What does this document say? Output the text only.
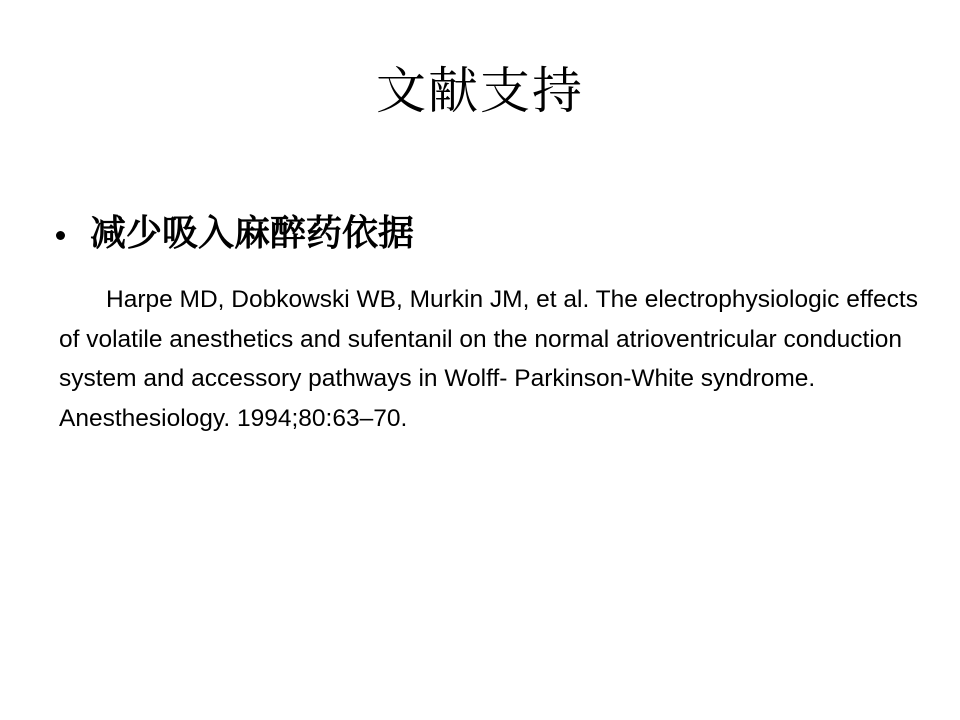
文献支持
减少吸入麻醉药依据

Harpe MD, Dobkowski WB, Murkin JM, et al. The electrophysiologic effects of volatile anesthetics and sufentanil on the normal atrioventricular conduction system and accessory pathways in Wolff- Parkinson-White syndrome. Anesthesiology. 1994;80:63–70.
